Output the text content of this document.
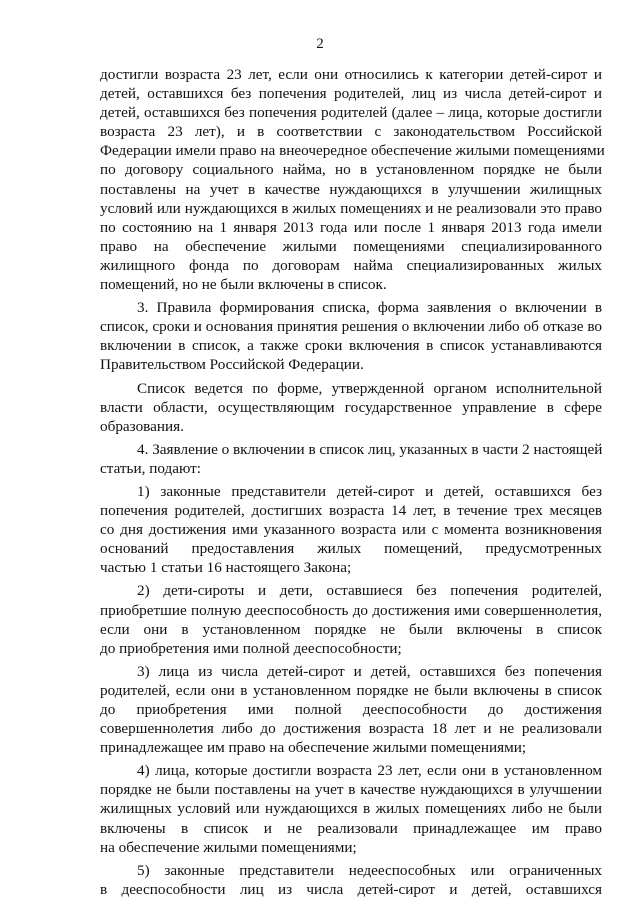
2
достигли возраста 23 лет, если они относились к категории детей-сирот и
детей, оставшихся без попечения родителей, лиц из числа детей-сирот и
детей, оставшихся без попечения родителей (далее – лица, которые достигли
возраста 23 лет), и в соответствии с законодательством Российской
Федерации имели право на внеочередное обеспечение жилыми помещениями
по договору социального найма, но в установленном порядке не были
поставлены на учет в качестве нуждающихся в улучшении жилищных
условий или нуждающихся в жилых помещениях и не реализовали это право
по состоянию на 1 января 2013 года или после 1 января 2013 года имели
право на обеспечение жилыми помещениями специализированного
жилищного фонда по договорам найма специализированных жилых
помещений, но не были включены в список.
3. Правила формирования списка, форма заявления о включении в
список, сроки и основания принятия решения о включении либо об отказе во
включении в список, а также сроки включения в список устанавливаются
Правительством Российской Федерации.
Список ведется по форме, утвержденной органом исполнительной
власти области, осуществляющим государственное управление в сфере
образования.
4. Заявление о включении в список лиц, указанных в части 2 настоящей
статьи, подают:
1) законные представители детей-сирот и детей, оставшихся без
попечения родителей, достигших возраста 14 лет, в течение трех месяцев
со дня достижения ими указанного возраста или с момента возникновения
оснований предоставления жилых помещений, предусмотренных
частью 1 статьи 16 настоящего Закона;
2) дети-сироты и дети, оставшиеся без попечения родителей,
приобретшие полную дееспособность до достижения ими совершеннолетия,
если они в установленном порядке не были включены в список
до приобретения ими полной дееспособности;
3) лица из числа детей-сирот и детей, оставшихся без попечения
родителей, если они в установленном порядке не были включены в список
до приобретения ими полной дееспособности до достижения
совершеннолетия либо до достижения возраста 18 лет и не реализовали
принадлежащее им право на обеспечение жилыми помещениями;
4) лица, которые достигли возраста 23 лет, если они в установленном
порядке не были поставлены на учет в качестве нуждающихся в улучшении
жилищных условий или нуждающихся в жилых помещениях либо не были
включены в список и не реализовали принадлежащее им право
на обеспечение жилыми помещениями;
5) законные представители недееспособных или ограниченных
в дееспособности лиц из числа детей-сирот и детей, оставшихся
